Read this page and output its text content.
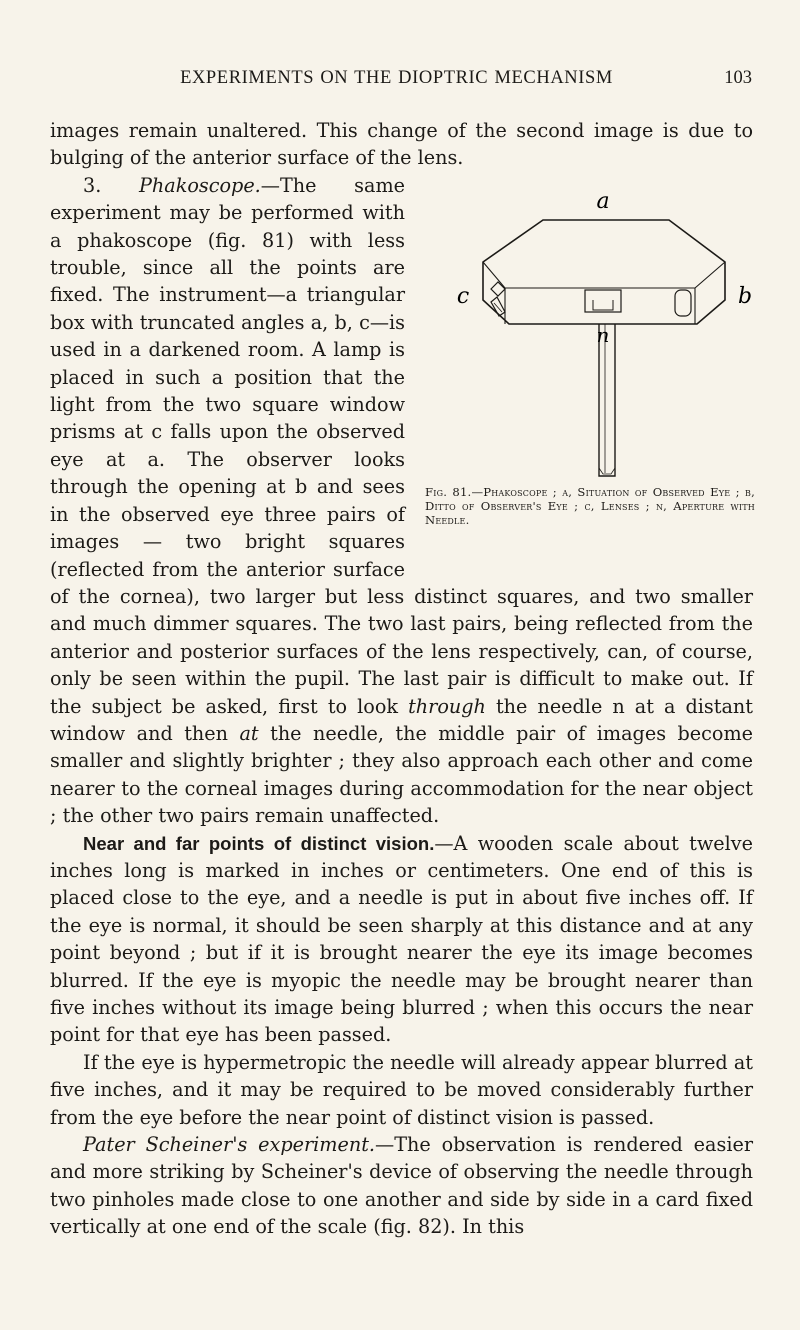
EXPERIMENTS ON THE DIOPTRIC MECHANISM	103

images remain unaltered. This change of the second image is due to bulging of the anterior surface of the lens.

a
b
c
n
Fig. 81.—Phakoscope ; a, Situation of Observed Eye ; b, Ditto of Observer's Eye ; c, Lenses ; n, Aperture with Needle.

3. Phakoscope.—The same experiment may be performed with a phakoscope (fig. 81) with less trouble, since all the points are fixed. The instrument—a triangular box with truncated angles a, b, c—is used in a darkened room. A lamp is placed in such a position that the light from the two square window prisms at c falls upon the observed eye at a. The observer looks through the opening at b and sees in the observed eye three pairs of images — two bright squares (reflected from the anterior surface of the cornea), two larger but less distinct squares, and two smaller and much dimmer squares. The two last pairs, being reflected from the anterior and posterior surfaces of the lens respectively, can, of course, only be seen within the pupil. The last pair is difficult to make out. If the subject be asked, first to look through the needle n at a distant window and then at the needle, the middle pair of images become smaller and slightly brighter ; they also approach each other and come nearer to the corneal images during accommodation for the near object ; the other two pairs remain unaffected.

Near and far points of distinct vision.—A wooden scale about twelve inches long is marked in inches or centimeters. One end of this is placed close to the eye, and a needle is put in about five inches off. If the eye is normal, it should be seen sharply at this distance and at any point beyond ; but if it is brought nearer the eye its image becomes blurred. If the eye is myopic the needle may be brought nearer than five inches without its image being blurred ; when this occurs the near point for that eye has been passed.

If the eye is hypermetropic the needle will already appear blurred at five inches, and it may be required to be moved considerably further from the eye before the near point of distinct vision is passed.

Pater Scheiner's experiment.—The observation is rendered easier and more striking by Scheiner's device of observing the needle through two pinholes made close to one another and side by side in a card fixed vertically at one end of the scale (fig. 82). In this
